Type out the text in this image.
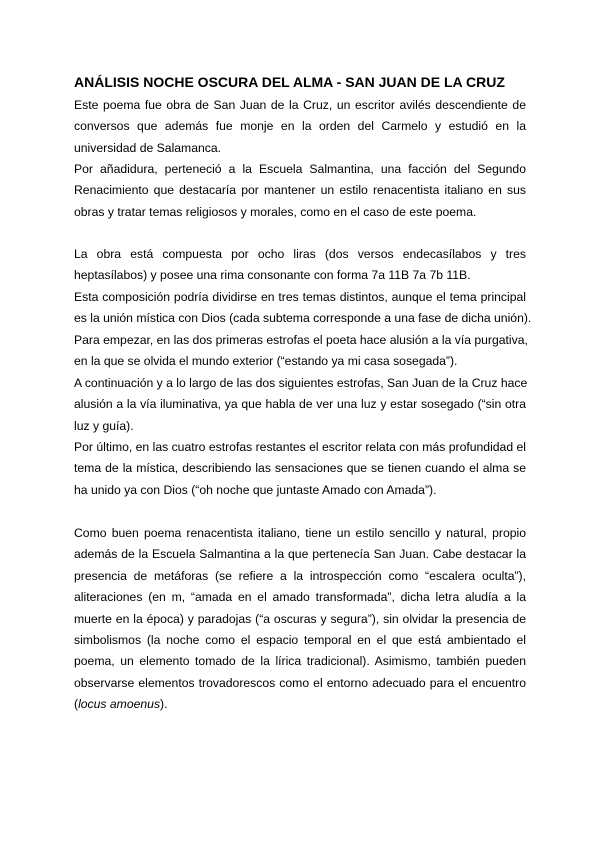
ANÁLISIS NOCHE OSCURA DEL ALMA - SAN JUAN DE LA CRUZ
Este poema fue obra de San Juan de la Cruz, un escritor avilés descendiente de
conversos que además fue monje en la orden del Carmelo y estudió en la
universidad de Salamanca.
Por añadidura, perteneció a la Escuela Salmantina, una facción del Segundo
Renacimiento que destacaría por mantener un estilo renacentista italiano en sus
obras y tratar temas religiosos y morales, como en el caso de este poema.
La obra está compuesta por ocho liras (dos versos endecasílabos y tres
heptasílabos) y posee una rima consonante con forma 7a 11B 7a 7b 11B.
Esta composición podría dividirse en tres temas distintos, aunque el tema principal
es la unión mística con Dios (cada subtema corresponde a una fase de dicha unión).
Para empezar, en las dos primeras estrofas el poeta hace alusión a la vía purgativa,
en la que se olvida el mundo exterior (“estando ya mi casa sosegada”).
A continuación y a lo largo de las dos siguientes estrofas, San Juan de la Cruz hace
alusión a la vía iluminativa, ya que habla de ver una luz y estar sosegado (“sin otra
luz y guía).
Por último, en las cuatro estrofas restantes el escritor relata con más profundidad el
tema de la mística, describiendo las sensaciones que se tienen cuando el alma se
ha unido ya con Dios (“oh noche que juntaste Amado con Amada”).
Como buen poema renacentista italiano, tiene un estilo sencillo y natural, propio
además de la Escuela Salmantina a la que pertenecía San Juan. Cabe destacar la
presencia de metáforas (se refiere a la introspección como “escalera oculta”),
aliteraciones (en m, “amada en el amado transformada”, dicha letra aludía a la
muerte en la época) y paradojas (“a oscuras y segura”), sin olvidar la presencia de
simbolismos (la noche como el espacio temporal en el que está ambientado el
poema, un elemento tomado de la lírica tradicional). Asimismo, también pueden
observarse elementos trovadorescos como el entorno adecuado para el encuentro
(locus amoenus).
